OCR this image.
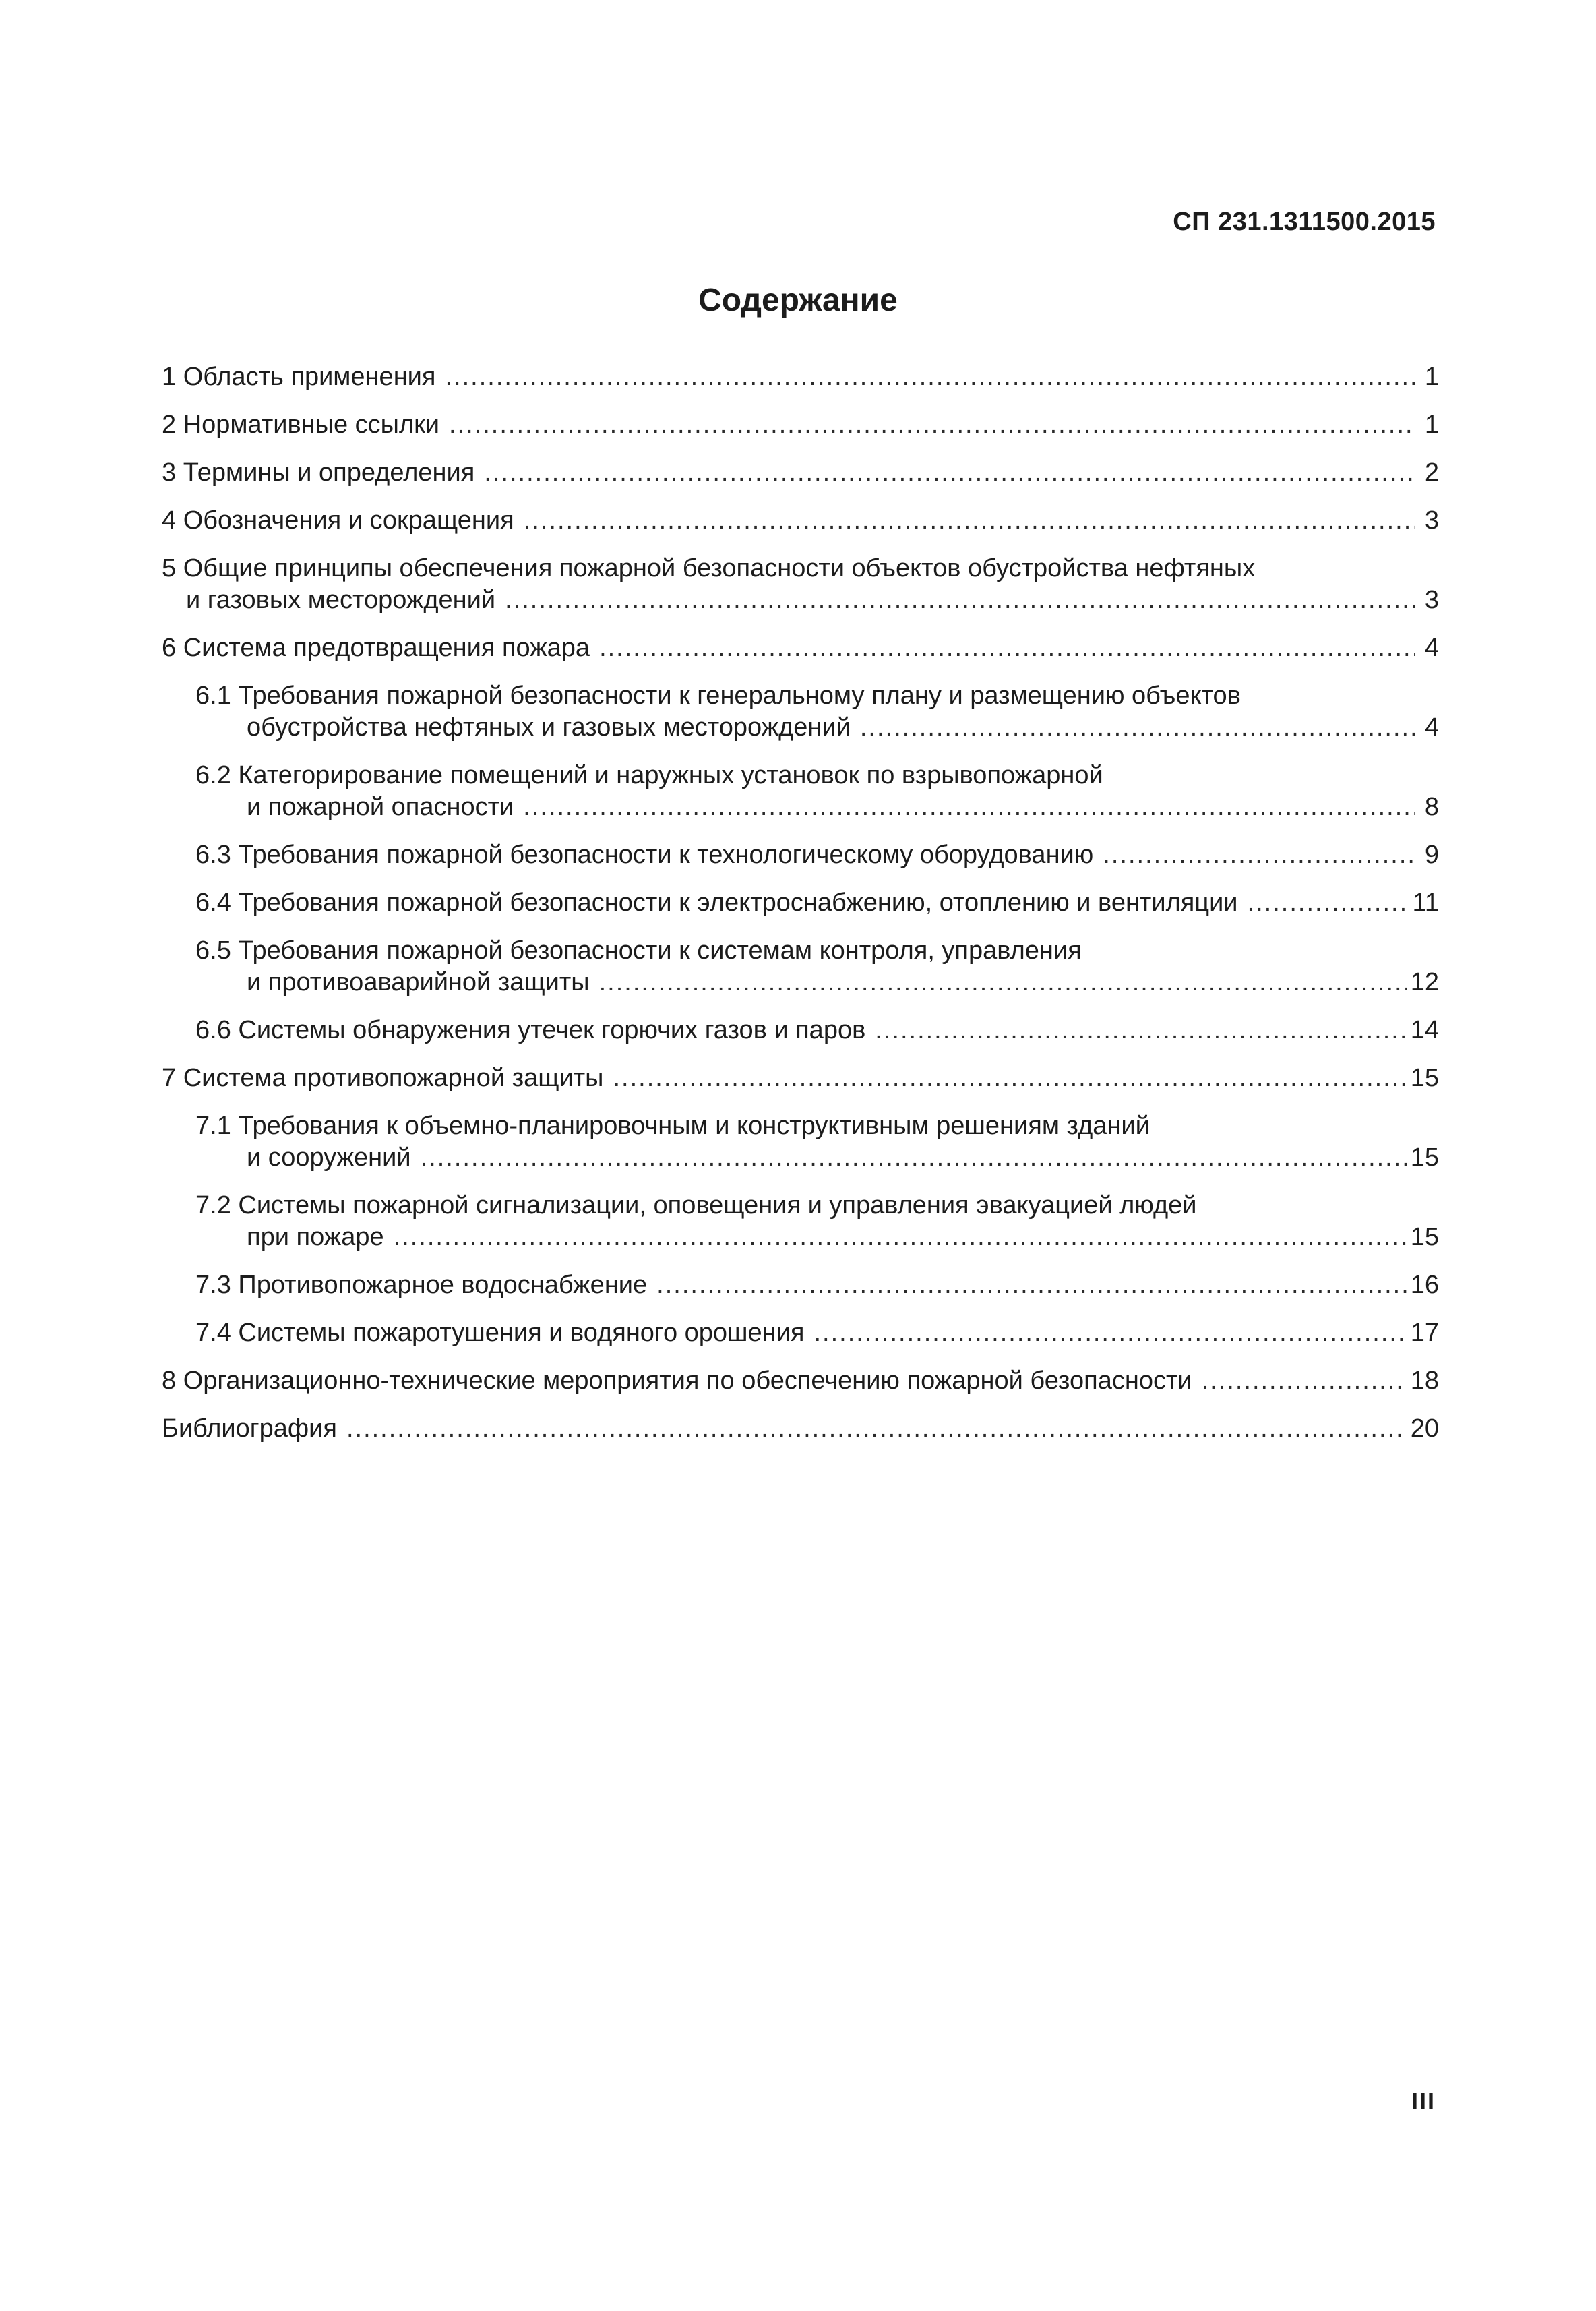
СП 231.1311500.2015
Содержание
1 Область применения .....	1
2 Нормативные ссылки .....	1
3 Термины и определения .....	2
4 Обозначения и сокращения .....	3
5 Общие принципы обеспечения пожарной безопасности объектов обустройства нефтяных
и газовых месторождений .....	3
6 Система предотвращения пожара .....	4
6.1 Требования пожарной безопасности к генеральному плану и размещению объектов
обустройства нефтяных и газовых месторождений .....	4
6.2 Категорирование помещений и наружных установок по взрывопожарной
и пожарной опасности .....	8
6.3 Требования пожарной безопасности к технологическому оборудованию .....	9
6.4 Требования пожарной безопасности к электроснабжению, отоплению и вентиляции .....	11
6.5 Требования пожарной безопасности к системам контроля, управления
и противоаварийной защиты .....	12
6.6 Системы обнаружения утечек горючих газов и паров .....	14
7 Система противопожарной защиты .....	15
7.1 Требования к объемно-планировочным и конструктивным решениям зданий
и сооружений .....	15
7.2 Системы пожарной сигнализации, оповещения и управления эвакуацией людей
при пожаре .....	15
7.3 Противопожарное водоснабжение .....	16
7.4 Системы пожаротушения и водяного орошения .....	17
8 Организационно-технические мероприятия по обеспечению пожарной безопасности .....	18
Библиография .....	20
III
